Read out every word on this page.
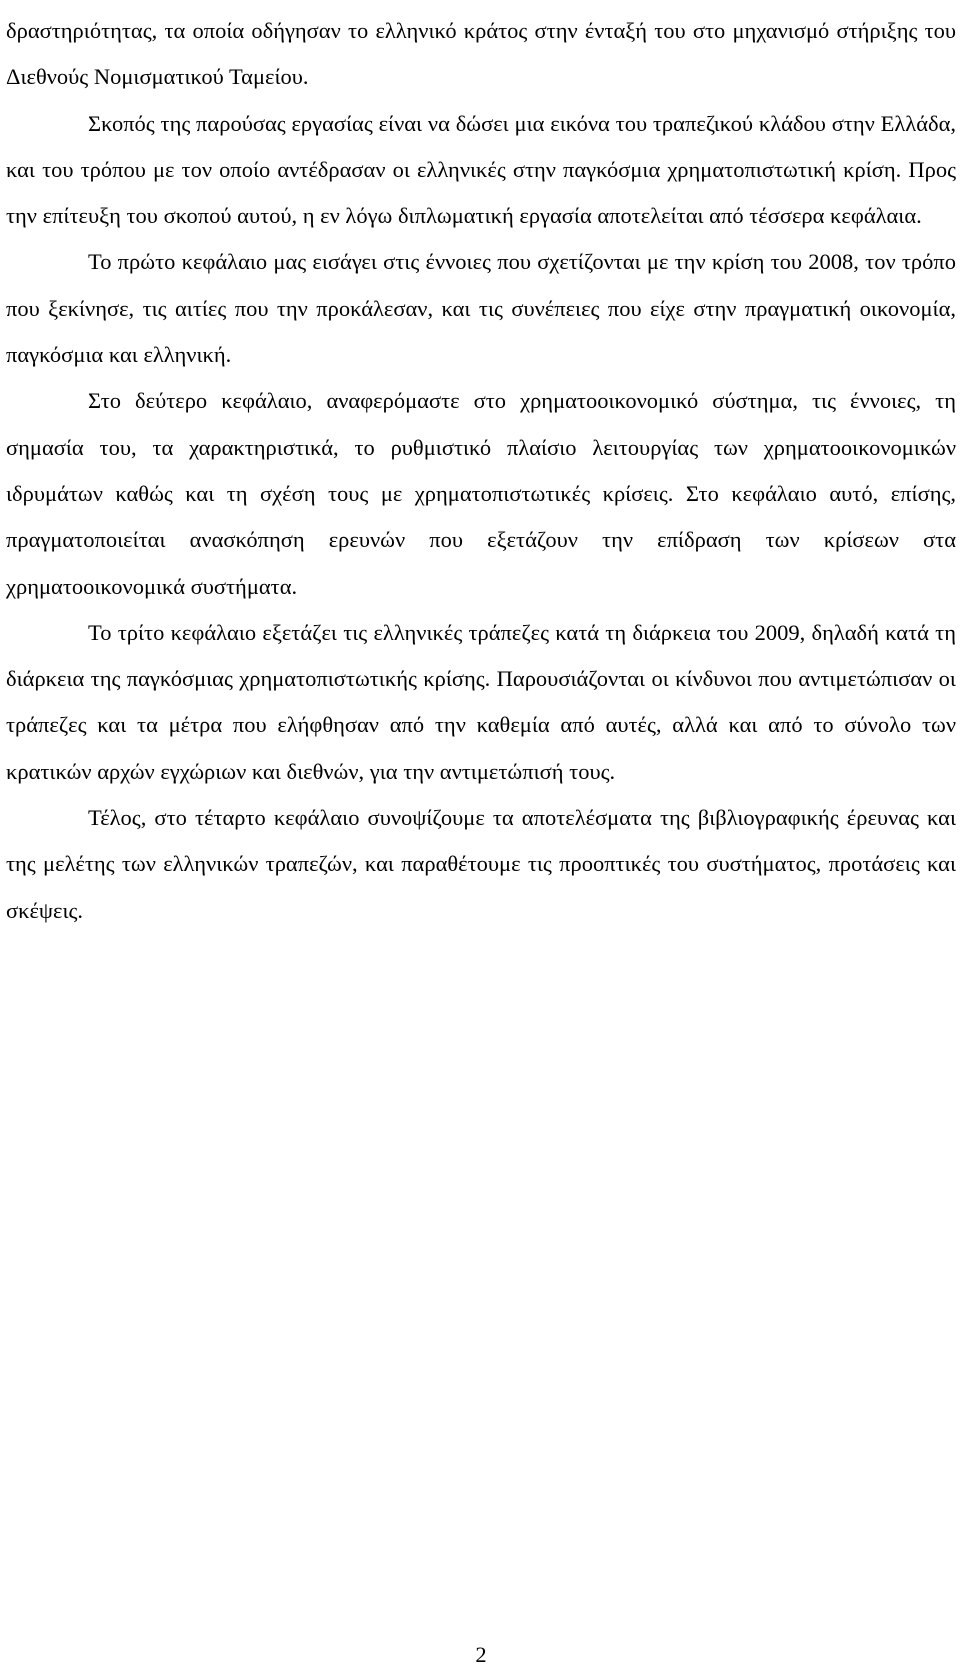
δραστηριότητας, τα οποία οδήγησαν το ελληνικό κράτος στην ένταξή του στο μηχανισμό στήριξης του Διεθνούς Νομισματικού Ταμείου.

Σκοπός της παρούσας εργασίας είναι να δώσει μια εικόνα του τραπεζικού κλάδου στην Ελλάδα, και του τρόπου με τον οποίο αντέδρασαν οι ελληνικές στην παγκόσμια χρηματοπιστωτική κρίση. Προς την επίτευξη του σκοπού αυτού, η εν λόγω διπλωματική εργασία αποτελείται από τέσσερα κεφάλαια.

Το πρώτο κεφάλαιο μας εισάγει στις έννοιες που σχετίζονται με την κρίση του 2008, τον τρόπο που ξεκίνησε, τις αιτίες που την προκάλεσαν, και τις συνέπειες που είχε στην πραγματική οικονομία, παγκόσμια και ελληνική.

Στο δεύτερο κεφάλαιο, αναφερόμαστε στο χρηματοοικονομικό σύστημα, τις έννοιες, τη σημασία του, τα χαρακτηριστικά, το ρυθμιστικό πλαίσιο λειτουργίας των χρηματοοικονομικών ιδρυμάτων καθώς και τη σχέση τους με χρηματοπιστωτικές κρίσεις. Στο κεφάλαιο αυτό, επίσης, πραγματοποιείται ανασκόπηση ερευνών που εξετάζουν την επίδραση των κρίσεων στα χρηματοοικονομικά συστήματα.

Το τρίτο κεφάλαιο εξετάζει τις ελληνικές τράπεζες κατά τη διάρκεια του 2009, δηλαδή κατά τη διάρκεια της παγκόσμιας χρηματοπιστωτικής κρίσης. Παρουσιάζονται οι κίνδυνοι που αντιμετώπισαν οι τράπεζες και τα μέτρα που ελήφθησαν από την καθεμία από αυτές, αλλά και από το σύνολο των κρατικών αρχών εγχώριων και διεθνών, για την αντιμετώπισή τους.

Τέλος, στο τέταρτο κεφάλαιο συνοψίζουμε τα αποτελέσματα της βιβλιογραφικής έρευνας και της μελέτης των ελληνικών τραπεζών, και παραθέτουμε τις προοπτικές του συστήματος, προτάσεις και σκέψεις.

2
